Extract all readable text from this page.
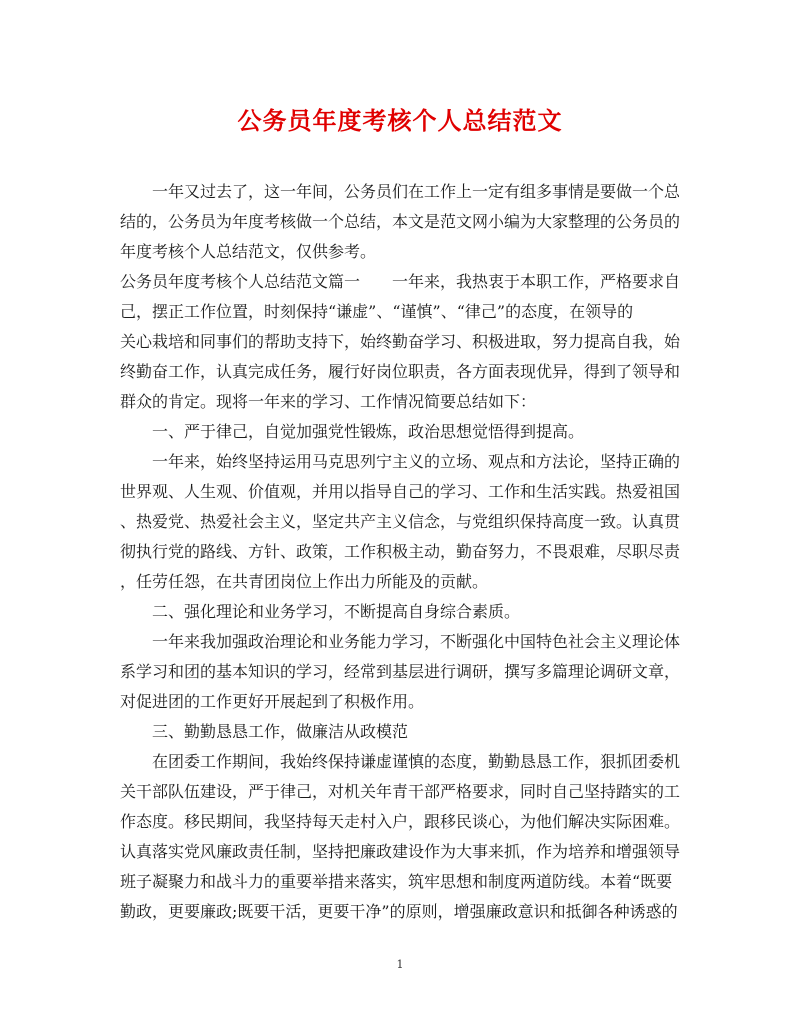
公务员年度考核个人总结范文
一年又过去了，这一年间，公务员们在工作上一定有组多事情是要做一个总
结的，公务员为年度考核做一个总结，本文是范文网小编为大家整理的公务员的
年度考核个人总结范文，仅供参考。
公务员年度考核个人总结范文篇一　　一年来，我热衷于本职工作，严格要求自
己，摆正工作位置，时刻保持“谦虚”、“谨慎”、“律己”的态度，在领导的
关心栽培和同事们的帮助支持下，始终勤奋学习、积极进取，努力提高自我，始
终勤奋工作，认真完成任务，履行好岗位职责，各方面表现优异，得到了领导和
群众的肯定。现将一年来的学习、工作情况简要总结如下：
一、严于律己，自觉加强党性锻炼，政治思想觉悟得到提高。
一年来，始终坚持运用马克思列宁主义的立场、观点和方法论，坚持正确的
世界观、人生观、价值观，并用以指导自己的学习、工作和生活实践。热爱祖国
、热爱党、热爱社会主义，坚定共产主义信念，与党组织保持高度一致。认真贯
彻执行党的路线、方针、政策，工作积极主动，勤奋努力，不畏艰难，尽职尽责
，任劳任怨，在共青团岗位上作出力所能及的贡献。
二、强化理论和业务学习，不断提高自身综合素质。
一年来我加强政治理论和业务能力学习，不断强化中国特色社会主义理论体
系学习和团的基本知识的学习，经常到基层进行调研，撰写多篇理论调研文章，
对促进团的工作更好开展起到了积极作用。
三、勤勤恳恳工作，做廉洁从政模范
在团委工作期间，我始终保持谦虚谨慎的态度，勤勤恳恳工作，狠抓团委机
关干部队伍建设，严于律己，对机关年青干部严格要求，同时自己坚持踏实的工
作态度。移民期间，我坚持每天走村入户，跟移民谈心，为他们解决实际困难。
认真落实党风廉政责任制，坚持把廉政建设作为大事来抓，作为培养和增强领导
班子凝聚力和战斗力的重要举措来落实，筑牢思想和制度两道防线。本着“既要
勤政，更要廉政;既要干活，更要干净”的原则，增强廉政意识和抵御各种诱惑的
1
